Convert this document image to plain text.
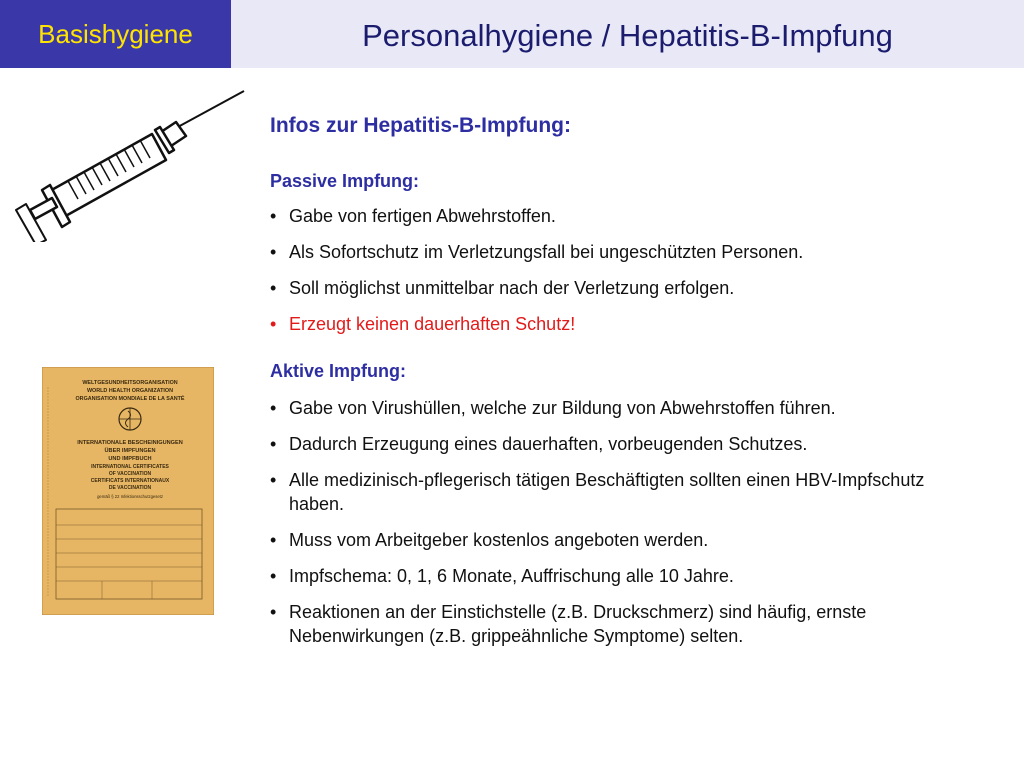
Basishygiene	Personalhygiene / Hepatitis-B-Impfung
WELTGESUNDHEITSORGANISATION
WORLD HEALTH ORGANIZATION
ORGANISATION MONDIALE DE LA SANTÉ
INTERNATIONALE BESCHEINIGUNGEN
ÜBER IMPFUNGEN
UND IMPFBUCH
INTERNATIONAL CERTIFICATES
OF VACCINATION
CERTIFICATS INTERNATIONAUX
DE VACCINATION
gemäß § 22 Infektionsschutzgesetz
Infos zur Hepatitis-B-Impfung:
Passive Impfung:
• Gabe von fertigen Abwehrstoffen.
• Als Sofortschutz im Verletzungsfall bei ungeschützten Personen.
• Soll möglichst unmittelbar nach der Verletzung erfolgen.
• Erzeugt keinen dauerhaften Schutz!
Aktive Impfung:
• Gabe von Virushüllen, welche zur Bildung von Abwehrstoffen führen.
• Dadurch Erzeugung eines dauerhaften, vorbeugenden Schutzes.
• Alle medizinisch-pflegerisch tätigen Beschäftigten sollten einen HBV-Impfschutz haben.
• Muss vom Arbeitgeber kostenlos angeboten werden.
• Impfschema: 0, 1, 6 Monate, Auffrischung alle 10 Jahre.
• Reaktionen an der Einstichstelle (z.B. Druckschmerz) sind häufig, ernste Nebenwirkungen (z.B. grippeähnliche Symptome) selten.
